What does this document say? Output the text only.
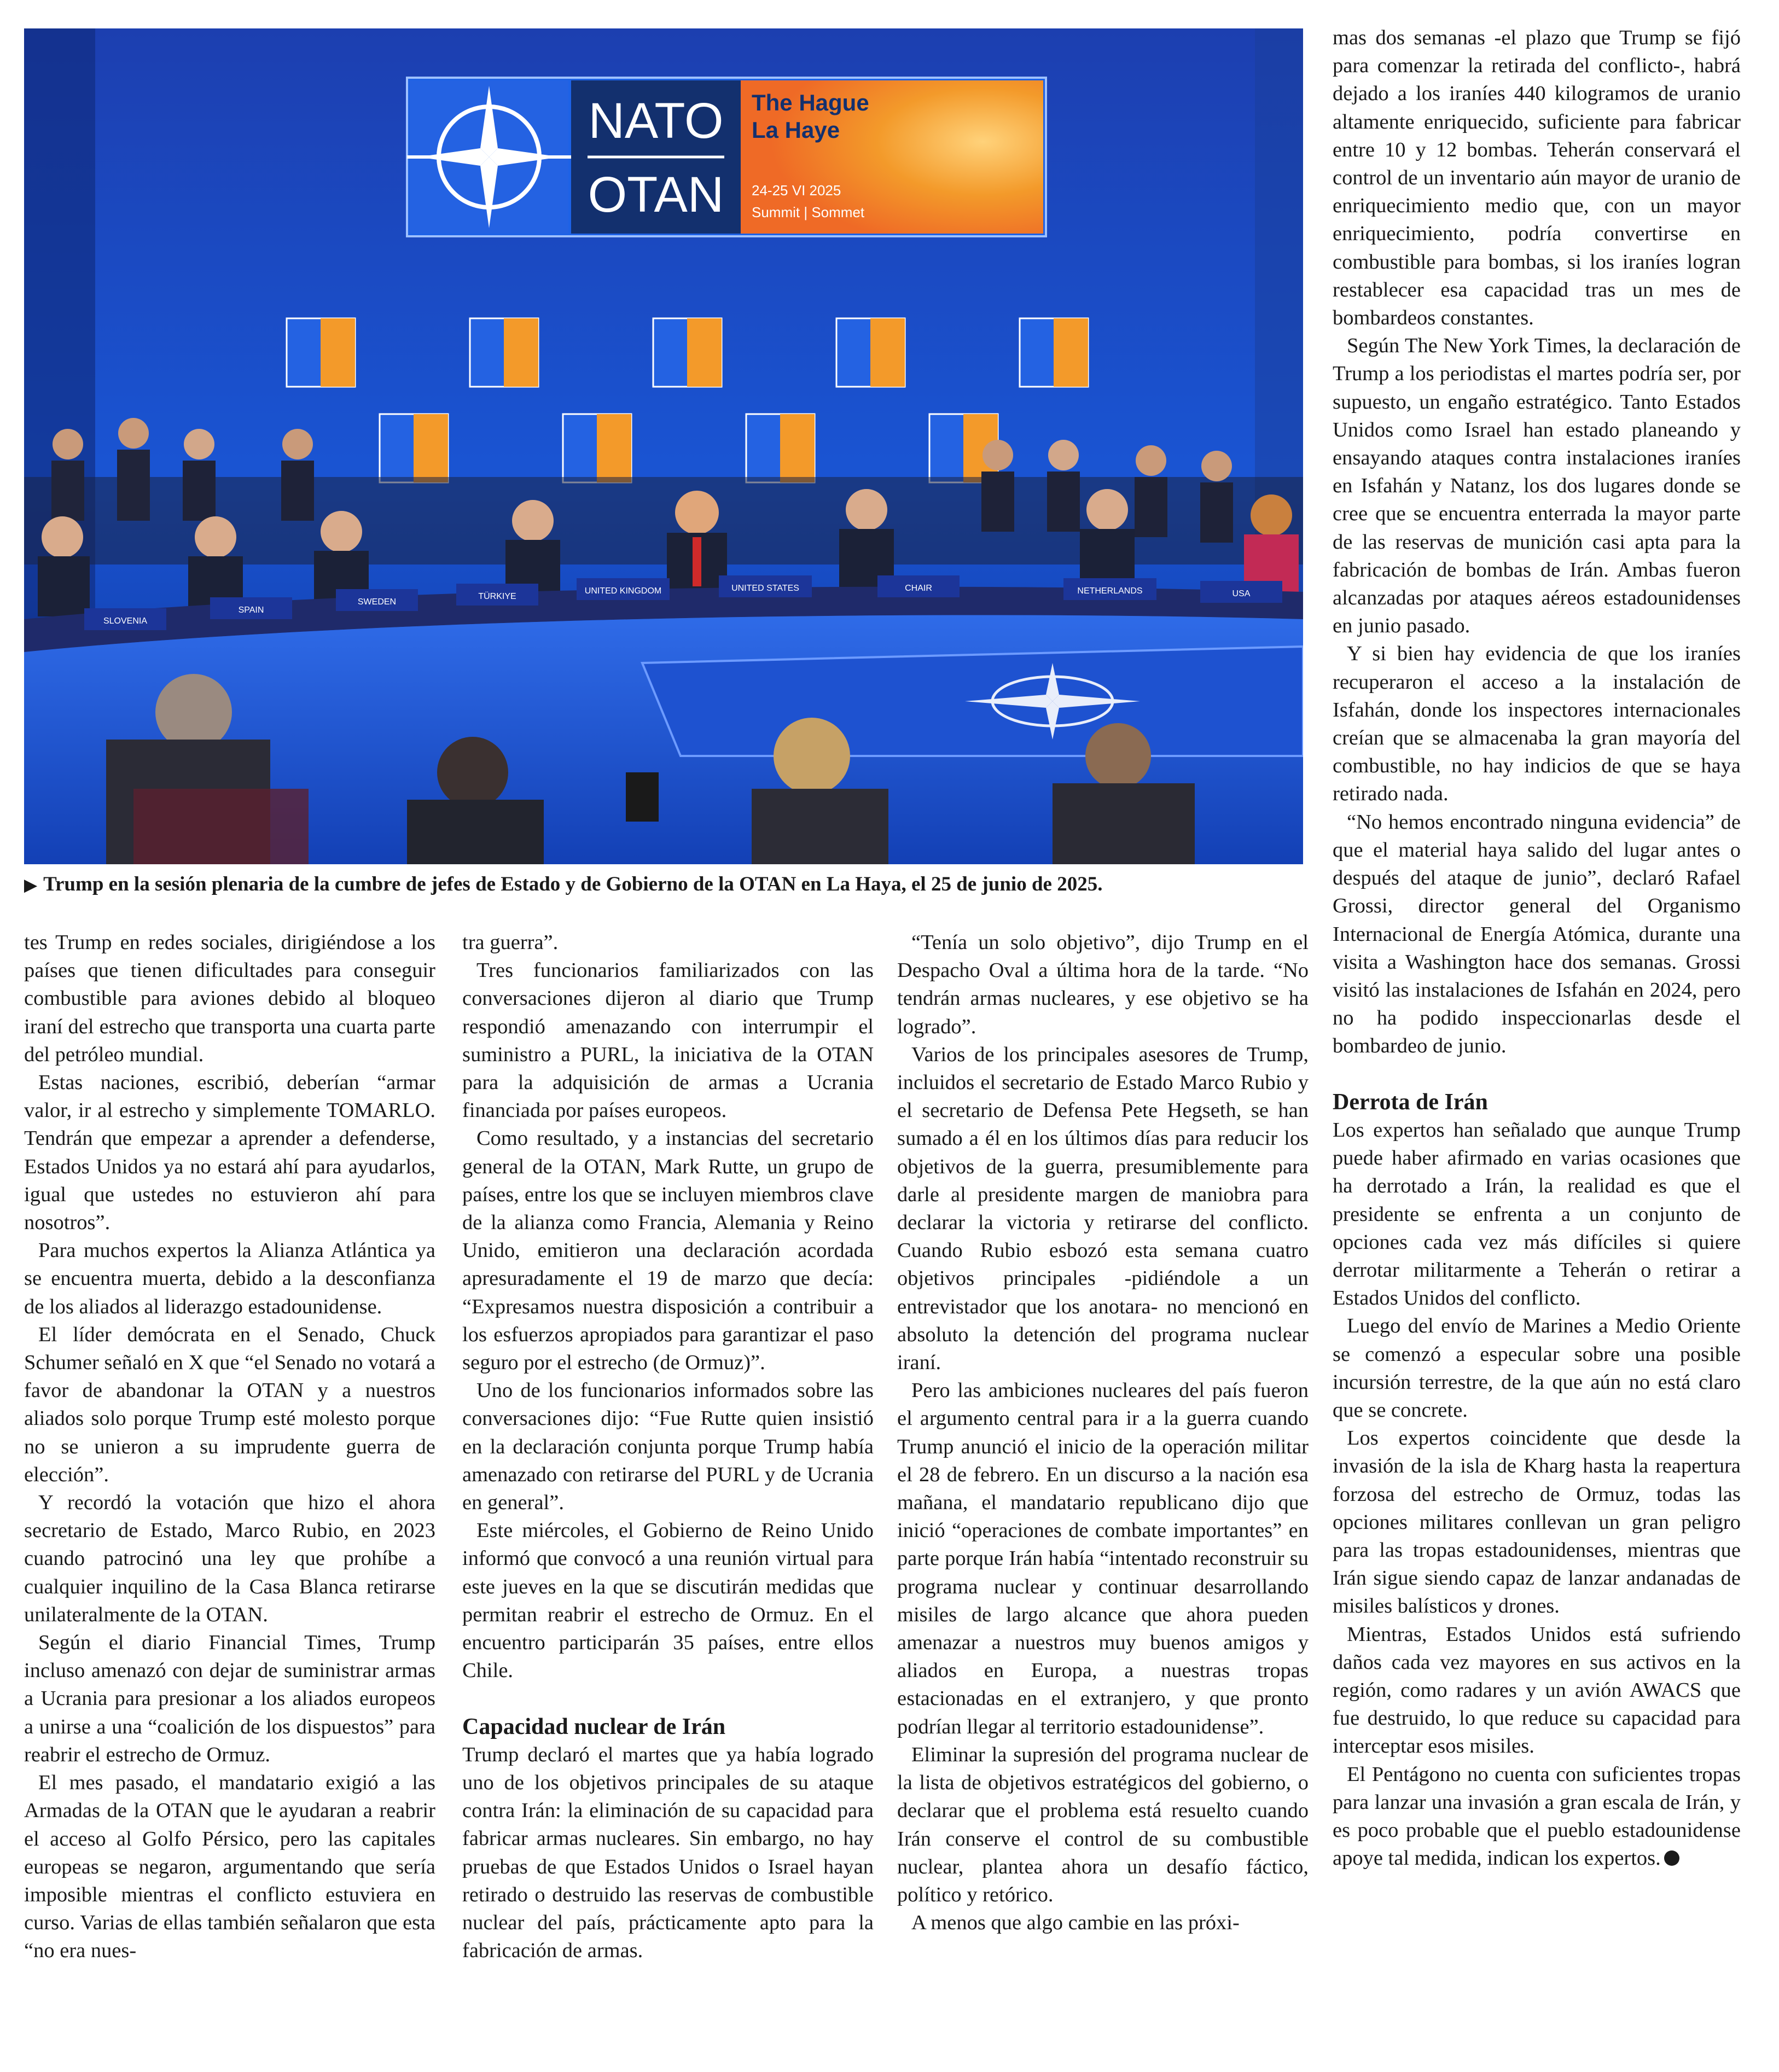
NATO
OTAN
The Hague
La Haye
24-25 VI 2025
Summit | Sommet
SLOVENIA
SPAIN
SWEDEN
TÜRKIYE
UNITED KINGDOM	UNITED STATES	CHAIR	NETHERLANDS	USA
▶ Trump en la sesión plenaria de la cumbre de jefes de Estado y de Gobierno de la OTAN en La Haya, el 25 de junio de 2025.

tes Trump en redes sociales, dirigiéndose a los países que tienen dificultades para conseguir combustible para aviones debido al bloqueo iraní del estrecho que transporta una cuarta parte del petróleo mundial.

Estas naciones, escribió, deberían “armar valor, ir al estrecho y simplemente TOMARLO. Tendrán que empezar a aprender a defenderse, Estados Unidos ya no estará ahí para ayudarlos, igual que ustedes no estuvieron ahí para nosotros”.

Para muchos expertos la Alianza Atlántica ya se encuentra muerta, debido a la desconfianza de los aliados al liderazgo estadounidense.

El líder demócrata en el Senado, Chuck Schumer señaló en X que “el Senado no votará a favor de abandonar la OTAN y a nuestros aliados solo porque Trump esté molesto porque no se unieron a su imprudente guerra de elección”.

Y recordó la votación que hizo el ahora secretario de Estado, Marco Rubio, en 2023 cuando patrocinó una ley que prohíbe a cualquier inquilino de la Casa Blanca retirarse unilateralmente de la OTAN.

Según el diario Financial Times, Trump incluso amenazó con dejar de suministrar armas a Ucrania para presionar a los aliados europeos a unirse a una “coalición de los dispuestos” para reabrir el estrecho de Ormuz.

El mes pasado, el mandatario exigió a las Armadas de la OTAN que le ayudaran a reabrir el acceso al Golfo Pérsico, pero las capitales europeas se negaron, argumentando que sería imposible mientras el conflicto estuviera en curso. Varias de ellas también señalaron que esta “no era nues-

tra guerra”.

Tres funcionarios familiarizados con las conversaciones dijeron al diario que Trump respondió amenazando con interrumpir el suministro a PURL, la iniciativa de la OTAN para la adquisición de armas a Ucrania financiada por países europeos.

Como resultado, y a instancias del secretario general de la OTAN, Mark Rutte, un grupo de países, entre los que se incluyen miembros clave de la alianza como Francia, Alemania y Reino Unido, emitieron una declaración acordada apresuradamente el 19 de marzo que decía: “Expresamos nuestra disposición a contribuir a los esfuerzos apropiados para garantizar el paso seguro por el estrecho (de Ormuz)”.

Uno de los funcionarios informados sobre las conversaciones dijo: “Fue Rutte quien insistió en la declaración conjunta porque Trump había amenazado con retirarse del PURL y de Ucrania en general”.

Este miércoles, el Gobierno de Reino Unido informó que convocó a una reunión virtual para este jueves en la que se discutirán medidas que permitan reabrir el estrecho de Ormuz. En el encuentro participarán 35 países, entre ellos Chile.

Capacidad nuclear de Irán

Trump declaró el martes que ya había logrado uno de los objetivos principales de su ataque contra Irán: la eliminación de su capacidad para fabricar armas nucleares. Sin embargo, no hay pruebas de que Estados Unidos o Israel hayan retirado o destruido las reservas de combustible nuclear del país, prácticamente apto para la fabricación de armas.

“Tenía un solo objetivo”, dijo Trump en el Despacho Oval a última hora de la tarde. “No tendrán armas nucleares, y ese objetivo se ha logrado”.

Varios de los principales asesores de Trump, incluidos el secretario de Estado Marco Rubio y el secretario de Defensa Pete Hegseth, se han sumado a él en los últimos días para reducir los objetivos de la guerra, presumiblemente para darle al presidente margen de maniobra para declarar la victoria y retirarse del conflicto. Cuando Rubio esbozó esta semana cuatro objetivos principales -pidiéndole a un entrevistador que los anotara- no mencionó en absoluto la detención del programa nuclear iraní.

Pero las ambiciones nucleares del país fueron el argumento central para ir a la guerra cuando Trump anunció el inicio de la operación militar el 28 de febrero. En un discurso a la nación esa mañana, el mandatario republicano dijo que inició “operaciones de combate importantes” en parte porque Irán había “intentado reconstruir su programa nuclear y continuar desarrollando misiles de largo alcance que ahora pueden amenazar a nuestros muy buenos amigos y aliados en Europa, a nuestras tropas estacionadas en el extranjero, y que pronto podrían llegar al territorio estadounidense”.

Eliminar la supresión del programa nuclear de la lista de objetivos estratégicos del gobierno, o declarar que el problema está resuelto cuando Irán conserve el control de su combustible nuclear, plantea ahora un desafío fáctico, político y retórico.

A menos que algo cambie en las próxi-

mas dos semanas -el plazo que Trump se fijó para comenzar la retirada del conflicto-, habrá dejado a los iraníes 440 kilogramos de uranio altamente enriquecido, suficiente para fabricar entre 10 y 12 bombas. Teherán conservará el control de un inventario aún mayor de uranio de enriquecimiento medio que, con un mayor enriquecimiento, podría convertirse en combustible para bombas, si los iraníes logran restablecer esa capacidad tras un mes de bombardeos constantes.

Según The New York Times, la declaración de Trump a los periodistas el martes podría ser, por supuesto, un engaño estratégico. Tanto Estados Unidos como Israel han estado planeando y ensayando ataques contra instalaciones iraníes en Isfahán y Natanz, los dos lugares donde se cree que se encuentra enterrada la mayor parte de las reservas de munición casi apta para la fabricación de bombas de Irán. Ambas fueron alcanzadas por ataques aéreos estadounidenses en junio pasado.

Y si bien hay evidencia de que los iraníes recuperaron el acceso a la instalación de Isfahán, donde los inspectores internacionales creían que se almacenaba la gran mayoría del combustible, no hay indicios de que se haya retirado nada.

“No hemos encontrado ninguna evidencia” de que el material haya salido del lugar antes o después del ataque de junio”, declaró Rafael Grossi, director general del Organismo Internacional de Energía Atómica, durante una visita a Washington hace dos semanas. Grossi visitó las instalaciones de Isfahán en 2024, pero no ha podido inspeccionarlas desde el bombardeo de junio.

Derrota de Irán

Los expertos han señalado que aunque Trump puede haber afirmado en varias ocasiones que ha derrotado a Irán, la realidad es que el presidente se enfrenta a un conjunto de opciones cada vez más difíciles si quiere derrotar militarmente a Teherán o retirar a Estados Unidos del conflicto.

Luego del envío de Marines a Medio Oriente se comenzó a especular sobre una posible incursión terrestre, de la que aún no está claro que se concrete.

Los expertos coincidente que desde la invasión de la isla de Kharg hasta la reapertura forzosa del estrecho de Ormuz, todas las opciones militares conllevan un gran peligro para las tropas estadounidenses, mientras que Irán sigue siendo capaz de lanzar andanadas de misiles balísticos y drones.

Mientras, Estados Unidos está sufriendo daños cada vez mayores en sus activos en la región, como radares y un avión AWACS que fue destruido, lo que reduce su capacidad para interceptar esos misiles.

El Pentágono no cuenta con suficientes tropas para lanzar una invasión a gran escala de Irán, y es poco probable que el pueblo estadounidense apoye tal medida, indican los expertos.
